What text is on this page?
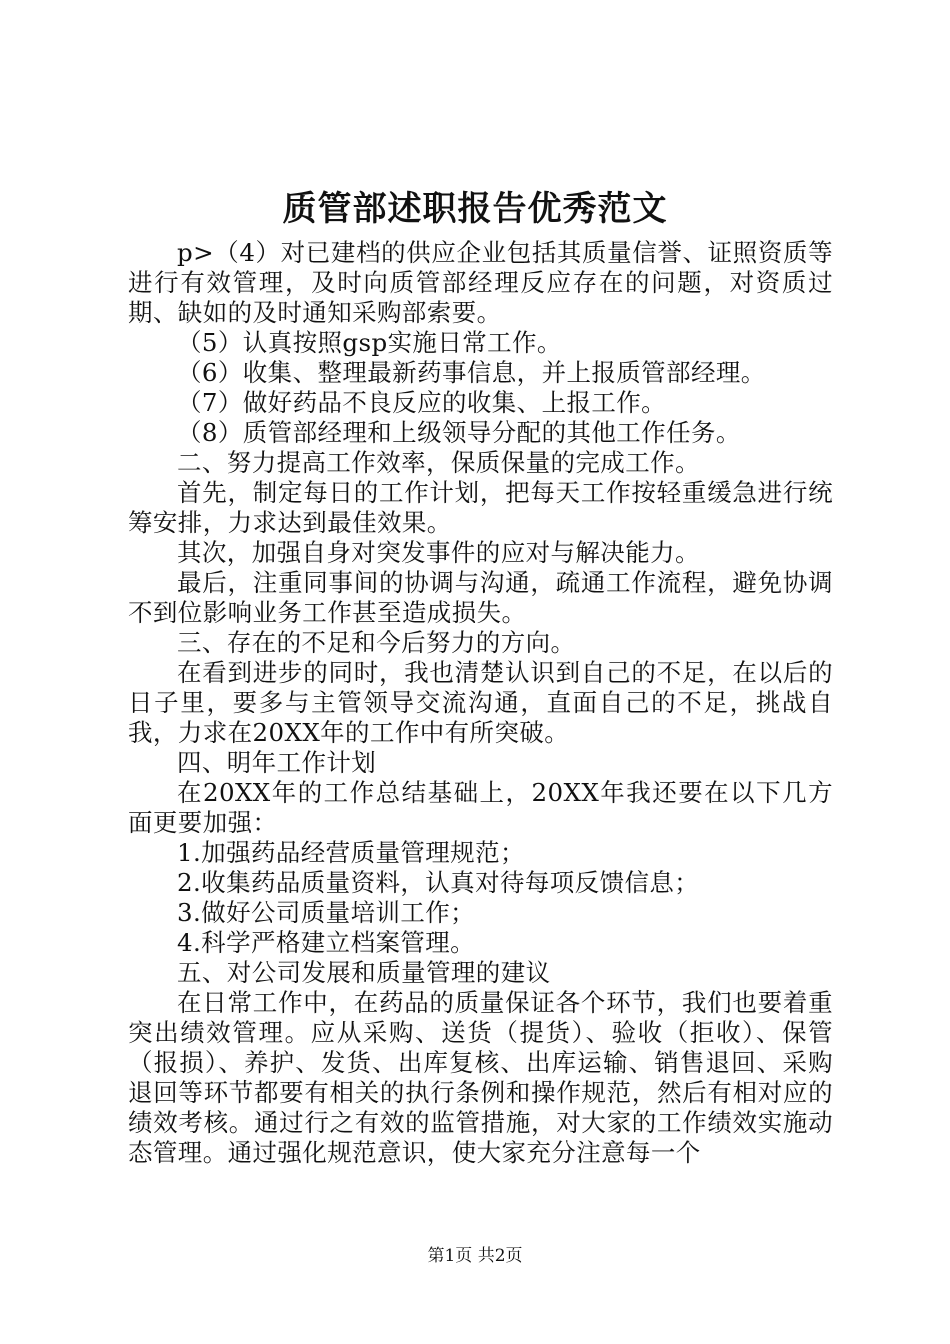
质管部述职报告优秀范文

p>（4）对已建档的供应企业包括其质量信誉、证照资质等进行有效管理，及时向质管部经理反应存在的问题，对资质过期、缺如的及时通知采购部索要。

（5）认真按照gsp实施日常工作。

（6）收集、整理最新药事信息，并上报质管部经理。

（7）做好药品不良反应的收集、上报工作。

（8）质管部经理和上级领导分配的其他工作任务。

二、努力提高工作效率，保质保量的完成工作。

首先，制定每日的工作计划，把每天工作按轻重缓急进行统筹安排，力求达到最佳效果。

其次，加强自身对突发事件的应对与解决能力。

最后，注重同事间的协调与沟通，疏通工作流程，避免协调不到位影响业务工作甚至造成损失。

三、存在的不足和今后努力的方向。

在看到进步的同时，我也清楚认识到自己的不足，在以后的日子里，要多与主管领导交流沟通，直面自己的不足，挑战自我，力求在20XX年的工作中有所突破。

四、明年工作计划

在20XX年的工作总结基础上，20XX年我还要在以下几方面更要加强：

1.加强药品经营质量管理规范；

2.收集药品质量资料，认真对待每项反馈信息；

3.做好公司质量培训工作；

4.科学严格建立档案管理。

五、对公司发展和质量管理的建议

在日常工作中，在药品的质量保证各个环节，我们也要着重突出绩效管理。应从采购、送货（提货）、验收（拒收）、保管（报损）、养护、发货、出库复核、出库运输、销售退回、采购退回等环节都要有相关的执行条例和操作规范，然后有相对应的绩效考核。通过行之有效的监管措施，对大家的工作绩效实施动态管理。通过强化规范意识，使大家充分注意每一个

第1页 共2页
